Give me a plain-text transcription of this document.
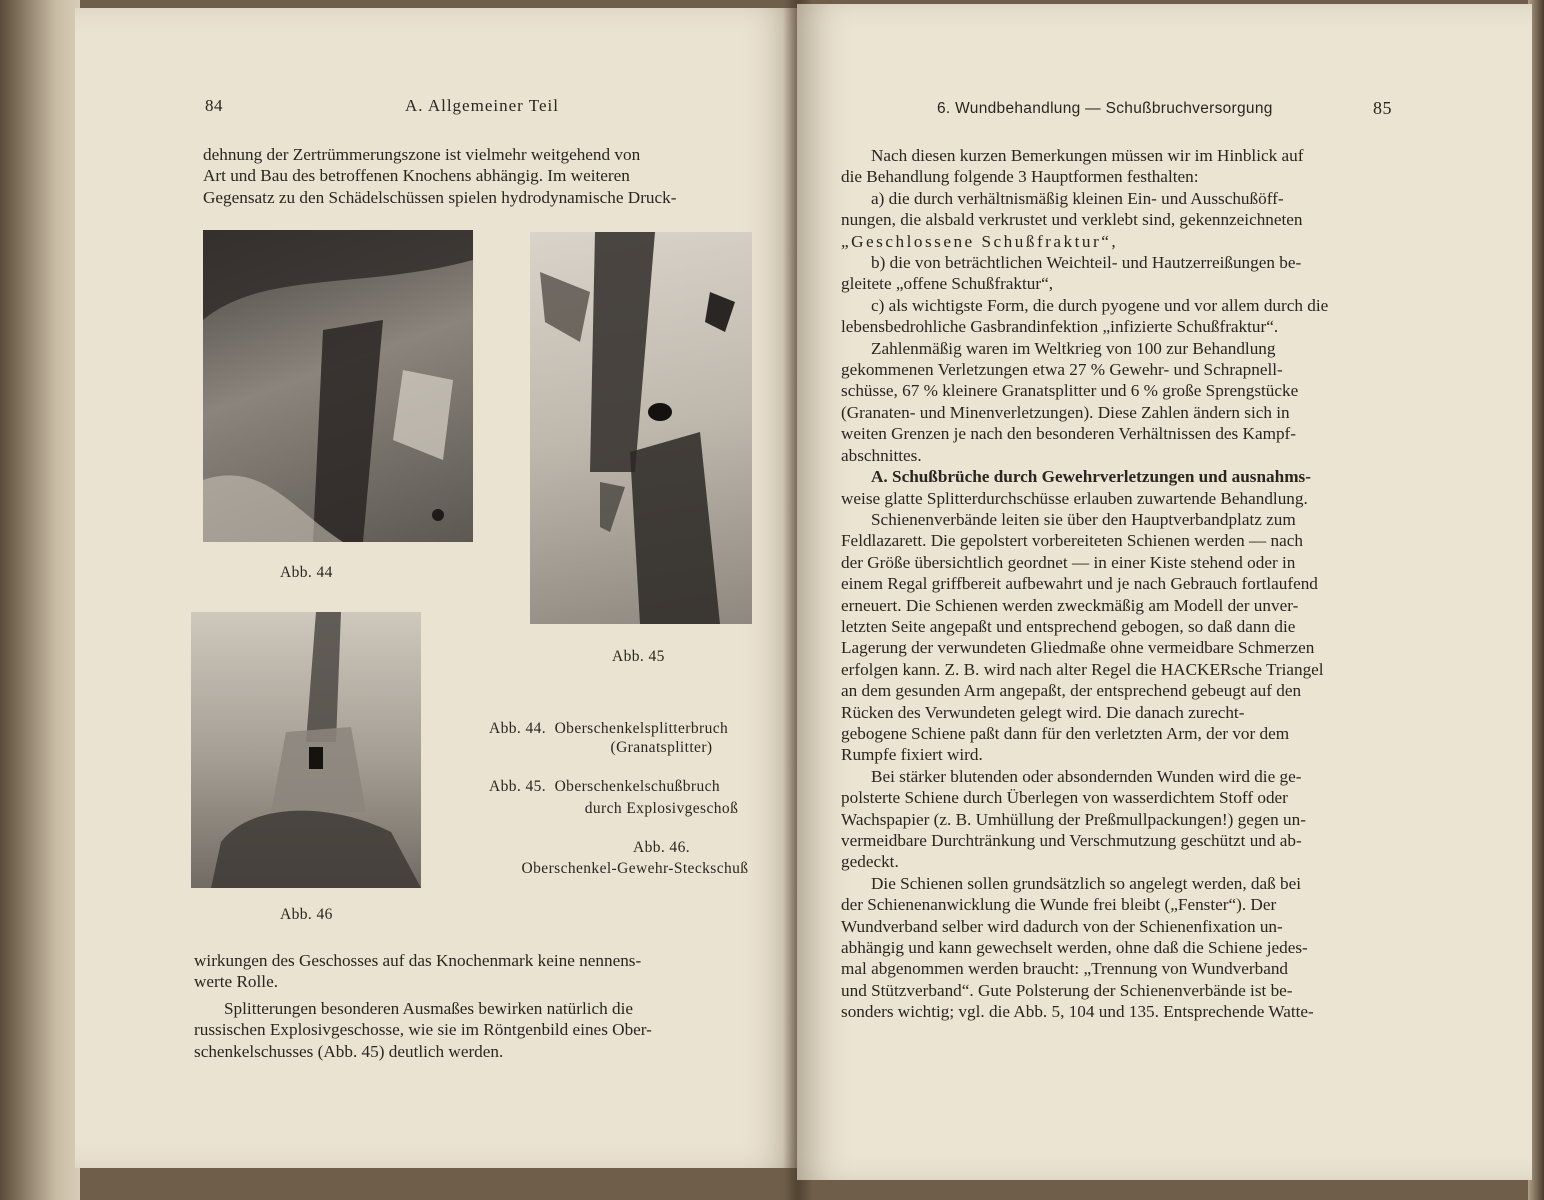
84	A. Allgemeiner Teil

dehnung der Zertrümmerungszone ist vielmehr weitgehend von

Art und Bau des betroffenen Knochens abhängig. Im weiteren

Gegensatz zu den Schädelschüssen spielen hydrodynamische Druck-

Abb. 44
Abb. 45
Abb. 46
Abb. 44. Oberschenkelsplitterbruch
(Granatsplitter)
Abb. 45. Oberschenkelschußbruch
durch Explosivgeschoß
Abb. 46.
Oberschenkel-Gewehr-Steckschuß

wirkungen des Geschosses auf das Knochenmark keine nennens-

werte Rolle.

Splitterungen besonderen Ausmaßes bewirken natürlich die

russischen Explosivgeschosse, wie sie im Röntgenbild eines Ober-

schenkelschusses (Abb. 45) deutlich werden.

6. Wundbehandlung — Schußbruchversorgung	85

Nach diesen kurzen Bemerkungen müssen wir im Hinblick auf

die Behandlung folgende 3 Hauptformen festhalten:

a) die durch verhältnismäßig kleinen Ein- und Ausschußöff-

nungen, die alsbald verkrustet und verklebt sind, gekennzeichneten

„Geschlossene Schußfraktur“,

b) die von beträchtlichen Weichteil- und Hautzerreißungen be-

gleitete „offene Schußfraktur“,

c) als wichtigste Form, die durch pyogene und vor allem durch die

lebensbedrohliche Gasbrandinfektion „infizierte Schußfraktur“.

Zahlenmäßig waren im Weltkrieg von 100 zur Behandlung

gekommenen Verletzungen etwa 27 % Gewehr- und Schrapnell-

schüsse, 67 % kleinere Granatsplitter und 6 % große Sprengstücke

(Granaten- und Minenverletzungen). Diese Zahlen ändern sich in

weiten Grenzen je nach den besonderen Verhältnissen des Kampf-

abschnittes.

A. Schußbrüche durch Gewehrverletzungen und ausnahms-

weise glatte Splitterdurchschüsse erlauben zuwartende Behandlung.

Schienenverbände leiten sie über den Hauptverbandplatz zum

Feldlazarett. Die gepolstert vorbereiteten Schienen werden — nach

der Größe übersichtlich geordnet — in einer Kiste stehend oder in

einem Regal griffbereit aufbewahrt und je nach Gebrauch fortlaufend

erneuert. Die Schienen werden zweckmäßig am Modell der unver-

letzten Seite angepaßt und entsprechend gebogen, so daß dann die

Lagerung der verwundeten Gliedmaße ohne vermeidbare Schmerzen

erfolgen kann. Z. B. wird nach alter Regel die HACKERsche Triangel

an dem gesunden Arm angepaßt, der entsprechend gebeugt auf den

Rücken des Verwundeten gelegt wird. Die danach zurecht-

gebogene Schiene paßt dann für den verletzten Arm, der vor dem

Rumpfe fixiert wird.

Bei stärker blutenden oder absondernden Wunden wird die ge-

polsterte Schiene durch Überlegen von wasserdichtem Stoff oder

Wachspapier (z. B. Umhüllung der Preßmullpackungen!) gegen un-

vermeidbare Durchtränkung und Verschmutzung geschützt und ab-

gedeckt.

Die Schienen sollen grundsätzlich so angelegt werden, daß bei

der Schienenanwicklung die Wunde frei bleibt („Fenster“). Der

Wundverband selber wird dadurch von der Schienenfixation un-

abhängig und kann gewechselt werden, ohne daß die Schiene jedes-

mal abgenommen werden braucht: „Trennung von Wundverband

und Stützverband“. Gute Polsterung der Schienenverbände ist be-

sonders wichtig; vgl. die Abb. 5, 104 und 135. Entsprechende Watte-
